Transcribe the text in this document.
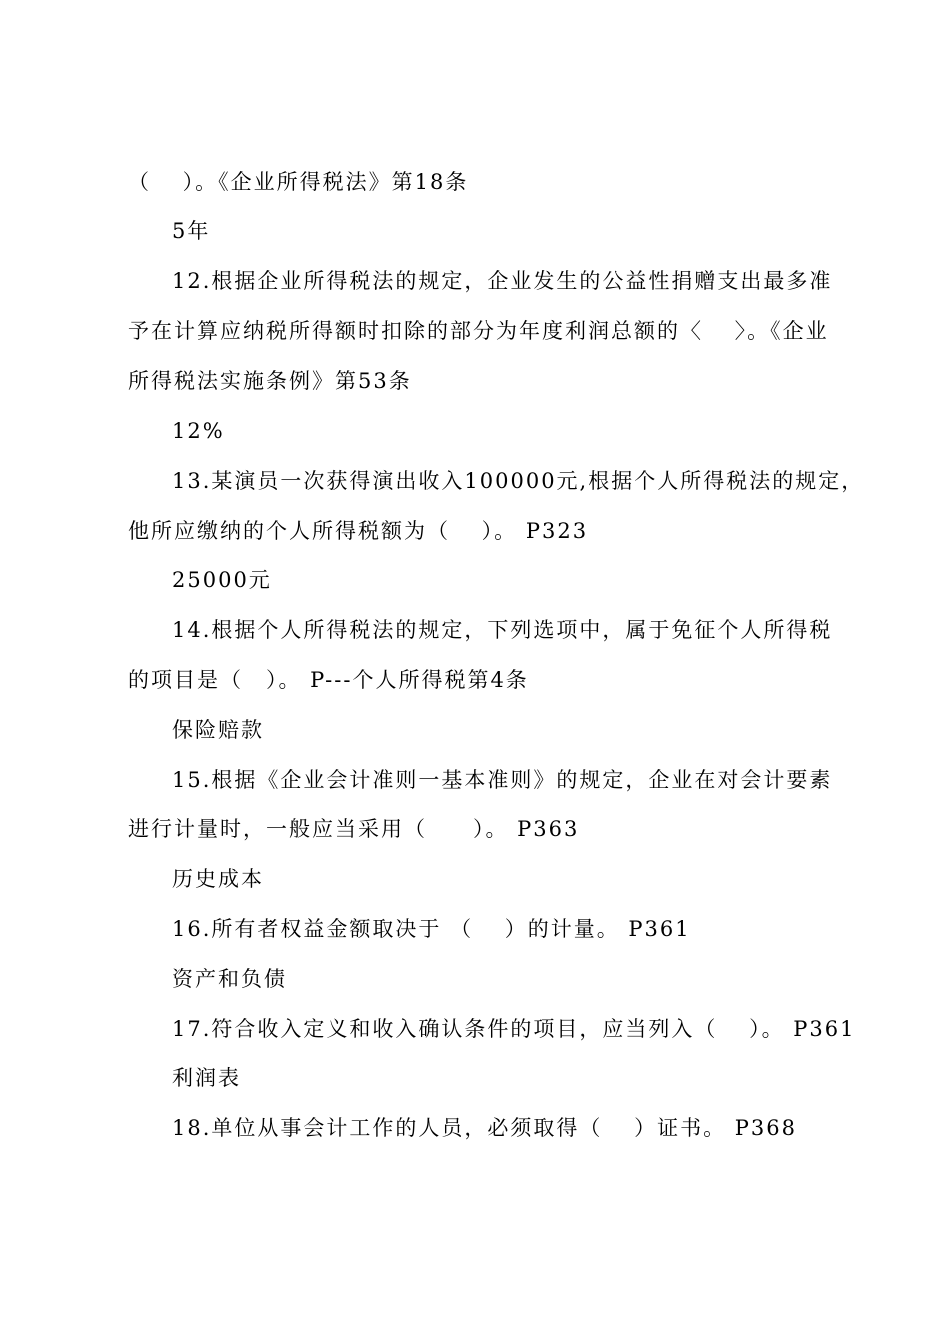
（　 ）。《企业所得税法》第18条
5年
12.根据企业所得税法的规定，企业发生的公益性捐赠支出最多准
予在计算应纳税所得额时扣除的部分为年度利润总额的〈　 〉。《企业
所得税法实施条例》第53条
12%
13.某演员一次获得演出收入100000元,根据个人所得税法的规定，
他所应缴纳的个人所得税额为（　 ）。 P323
25000元
14.根据个人所得税法的规定，下列选项中，属于免征个人所得税
的项目是（　）。 P---个人所得税第4条
保险赔款
15.根据《企业会计准则一基本准则》的规定，企业在对会计要素
进行计量时，一般应当采用（　　）。 P363
历史成本
16.所有者权益金额取决于 （　 ）的计量。 P361
资产和负债
17.符合收入定义和收入确认条件的项目，应当列入（　 ）。 P361
利润表
18.单位从事会计工作的人员，必须取得（　 ）证书。 P368
